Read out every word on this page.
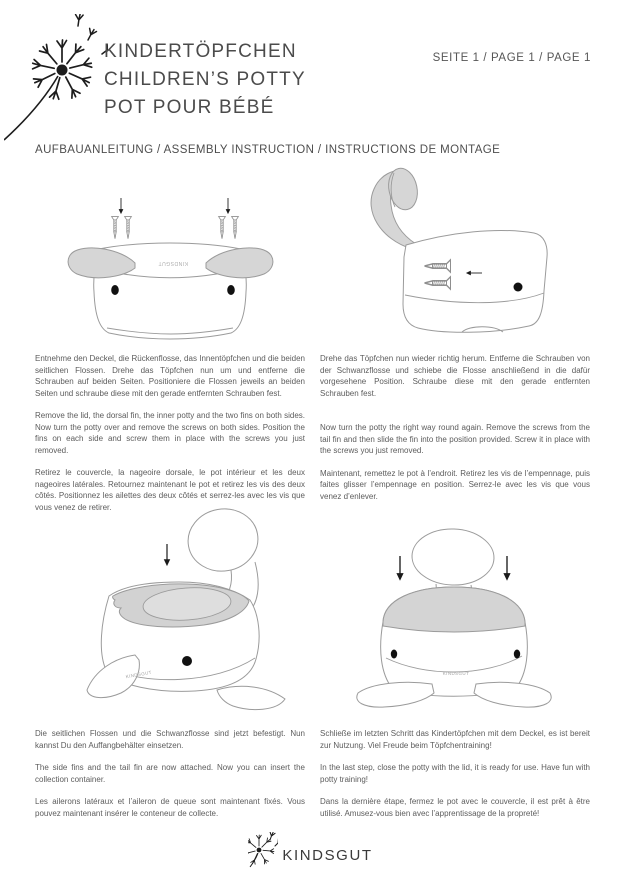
KINDERTÖPFCHEN
CHILDREN’S POTTY
POT POUR BÉBÉ
SEITE 1 / PAGE 1 / PAGE 1
AUFBAUANLEITUNG / ASSEMBLY INSTRUCTION / INSTRUCTIONS DE MONTAGE
KINDSGUT

Entnehme den Deckel, die Rückenflosse, das Innentöpfchen und die beiden seitlichen Flossen. Drehe das Töpfchen nun um und entferne die Schrauben auf beiden Seiten. Positioniere die Flossen jeweils an beiden Seiten und schraube diese mit den gerade entfernten Schrauben fest.

Remove the lid, the dorsal fin, the inner potty and the two fins on both sides. Now turn the potty over and remove the screws on both sides. Position the fins on each side and screw them in place with the screws you just removed.

Retirez le couvercle, la nageoire dorsale, le pot intérieur et les deux nageoires latérales. Retournez maintenant le pot et retirez les vis des deux côtés. Positionnez les ailettes des deux côtés et serrez-les avec les vis que vous venez de retirer.

Drehe das Töpfchen nun wieder richtig herum. Entferne die Schrauben von der Schwanzflosse und schiebe die Flosse anschließend in die dafür vorgesehene Position. Schraube diese mit den gerade entfernten Schrauben fest.

Now turn the potty the right way round again. Remove the screws from the tail fin and then slide the fin into the position provided. Screw it in place with the screws you just removed.

Maintenant, remettez le pot à l’endroit. Retirez les vis de l’empennage, puis faites glisser l’empennage en position. Serrez-le avec les vis que vous venez d’enlever.

KINDSGUT	KINDSGUT

Die seitlichen Flossen und die Schwanzflosse sind jetzt befestigt. Nun kannst Du den Auffangbehälter einsetzen.

The side fins and the tail fin are now attached. Now you can insert the collection container.

Les ailerons latéraux et l’aileron de queue sont maintenant fixés. Vous pouvez maintenant insérer le conteneur de collecte.

Schließe im letzten Schritt das Kindertöpfchen mit dem Deckel, es ist bereit zur Nutzung. Viel Freude beim Töpfchentraining!

In the last step, close the potty with the lid, it is ready for use. Have fun with potty training!

Dans la dernière étape, fermez le pot avec le couvercle, il est prêt à être utilisé. Amusez-vous bien avec l’apprentissage de la propreté!

KINDSGUT
